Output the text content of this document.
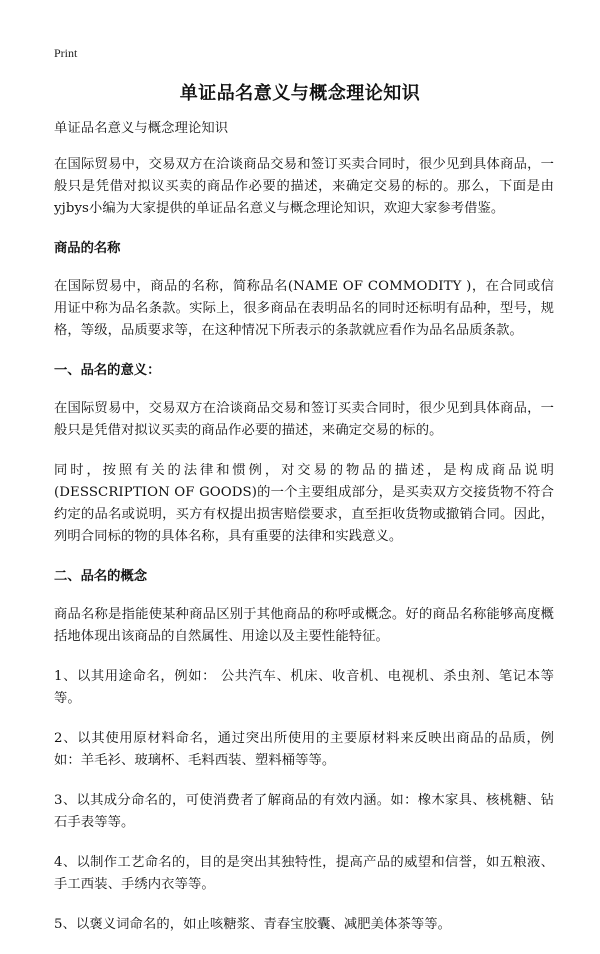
Print
单证品名意义与概念理论知识

单证品名意义与概念理论知识

在国际贸易中，交易双方在洽谈商品交易和签订买卖合同时，很少见到具体商品，一般只是凭借对拟议买卖的商品作必要的描述，来确定交易的标的。那么，下面是由yjbys小编为大家提供的单证品名意义与概念理论知识，欢迎大家参考借鉴。

商品的名称

在国际贸易中，商品的名称，简称品名(NAME OF COMMODITY )，在合同或信用证中称为品名条款。实际上，很多商品在表明品名的同时还标明有品种，型号，规格，等级，品质要求等，在这种情况下所表示的条款就应看作为品名品质条款。

一、品名的意义：

在国际贸易中，交易双方在洽谈商品交易和签订买卖合同时，很少见到具体商品，一般只是凭借对拟议买卖的商品作必要的描述，来确定交易的标的。

同时，按照有关的法律和惯例，对交易的物品的描述，是构成商品说明(DESSCRIPTION OF GOODS)的一个主要组成部分，是买卖双方交接货物不符合约定的品名或说明，买方有权提出损害赔偿要求，直至拒收货物或撤销合同。因此，列明合同标的物的具体名称，具有重要的法律和实践意义。

二、品名的概念

商品名称是指能使某种商品区别于其他商品的称呼或概念。好的商品名称能够高度概括地体现出该商品的自然属性、用途以及主要性能特征。

1、以其用途命名，例如： 公共汽车、机床、收音机、电视机、杀虫剂、笔记本等等。

2、以其使用原材料命名，通过突出所使用的主要原材料来反映出商品的品质，例如：羊毛衫、玻璃杯、毛料西装、塑料桶等等。

3、以其成分命名的，可使消费者了解商品的有效内涵。如：橡木家具、核桃糖、钻石手表等等。

4、以制作工艺命名的，目的是突出其独特性，提高产品的威望和信誉，如五粮液、手工西装、手绣内衣等等。

5、以褒义词命名的，如止咳糖浆、青春宝胶囊、减肥美体茶等等。
